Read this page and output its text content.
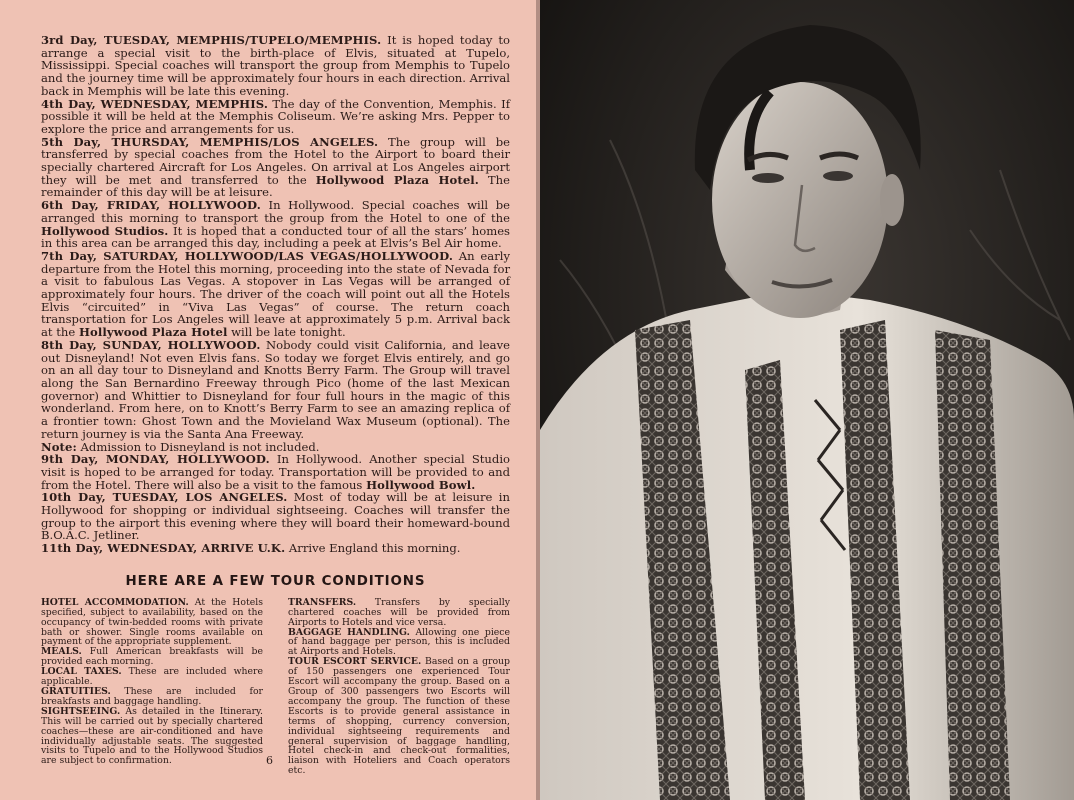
3rd Day, TUESDAY, MEMPHIS/TUPELO/MEMPHIS. It is hoped today to arrange a special visit to the birth-place of Elvis, situated at Tupelo, Mississippi. Special coaches will transport the group from Memphis to Tupelo and the journey time will be approximately four hours in each direction. Arrival back in Memphis will be late this evening.

4th Day, WEDNESDAY, MEMPHIS. The day of the Convention, Memphis. If possible it will be held at the Memphis Coliseum. We’re asking Mrs. Pepper to explore the price and arrangements for us.

5th Day, THURSDAY, MEMPHIS/LOS ANGELES. The group will be transferred by special coaches from the Hotel to the Airport to board their specially chartered Aircraft for Los Angeles. On arrival at Los Angeles airport they will be met and transferred to the Hollywood Plaza Hotel. The remainder of this day will be at leisure.

6th Day, FRIDAY, HOLLYWOOD. In Hollywood. Special coaches will be arranged this morning to transport the group from the Hotel to one of the Hollywood Studios. It is hoped that a conducted tour of all the stars’ homes in this area can be arranged this day, including a peek at Elvis’s Bel Air home.

7th Day, SATURDAY, HOLLYWOOD/LAS VEGAS/HOLLYWOOD. An early departure from the Hotel this morning, proceeding into the state of Nevada for a visit to fabulous Las Vegas. A stopover in Las Vegas will be arranged of approximately four hours. The driver of the coach will point out all the Hotels Elvis “circuited” in “Viva Las Vegas” of course. The return coach transportation for Los Angeles will leave at approximately 5 p.m. Arrival back at the Hollywood Plaza Hotel will be late tonight.

8th Day, SUNDAY, HOLLYWOOD. Nobody could visit California, and leave out Disneyland! Not even Elvis fans. So today we forget Elvis entirely, and go on an all day tour to Disneyland and Knotts Berry Farm. The Group will travel along the San Bernardino Freeway through Pico (home of the last Mexican governor) and Whittier to Disneyland for four full hours in the magic of this wonderland. From here, on to Knott’s Berry Farm to see an amazing replica of a frontier town: Ghost Town and the Movieland Wax Museum (optional). The return journey is via the Santa Ana Freeway.

Note: Admission to Disneyland is not included.

9th Day, MONDAY, HOLLYWOOD. In Hollywood. Another special Studio visit is hoped to be arranged for today. Transportation will be provided to and from the Hotel. There will also be a visit to the famous Hollywood Bowl.

10th Day, TUESDAY, LOS ANGELES. Most of today will be at leisure in Hollywood for shopping or individual sightseeing. Coaches will transfer the group to the airport this evening where they will board their homeward-bound B.O.A.C. Jetliner.

11th Day, WEDNESDAY, ARRIVE U.K. Arrive England this morning.

HERE ARE A FEW TOUR CONDITIONS

HOTEL ACCOMMODATION. At the Hotels specified, subject to availability, based on the occupancy of twin-bedded rooms with private bath or shower. Single rooms available on payment of the appropriate supplement.

MEALS. Full American breakfasts will be provided each morning.

LOCAL TAXES. These are included where applicable.

GRATUITIES. These are included for breakfasts and baggage handling.

SIGHTSEEING. As detailed in the Itinerary. This will be carried out by specially chartered coaches—these are air-conditioned and have individually adjustable seats. The suggested visits to Tupelo and to the Hollywood Studios are subject to confirmation.

TRANSFERS. Transfers by specially chartered coaches will be provided from Airports to Hotels and vice versa.

BAGGAGE HANDLING. Allowing one piece of hand baggage per person, this is included at Airports and Hotels.

TOUR ESCORT SERVICE. Based on a group of 150 passengers one experienced Tour Escort will accompany the group. Based on a Group of 300 passengers two Escorts will accompany the group. The function of these Escorts is to provide general assistance in terms of shopping, currency conversion, individual sightseeing requirements and general supervision of baggage handling, Hotel check-in and check-out formalities, liaison with Hoteliers and Coach operators etc.

6
